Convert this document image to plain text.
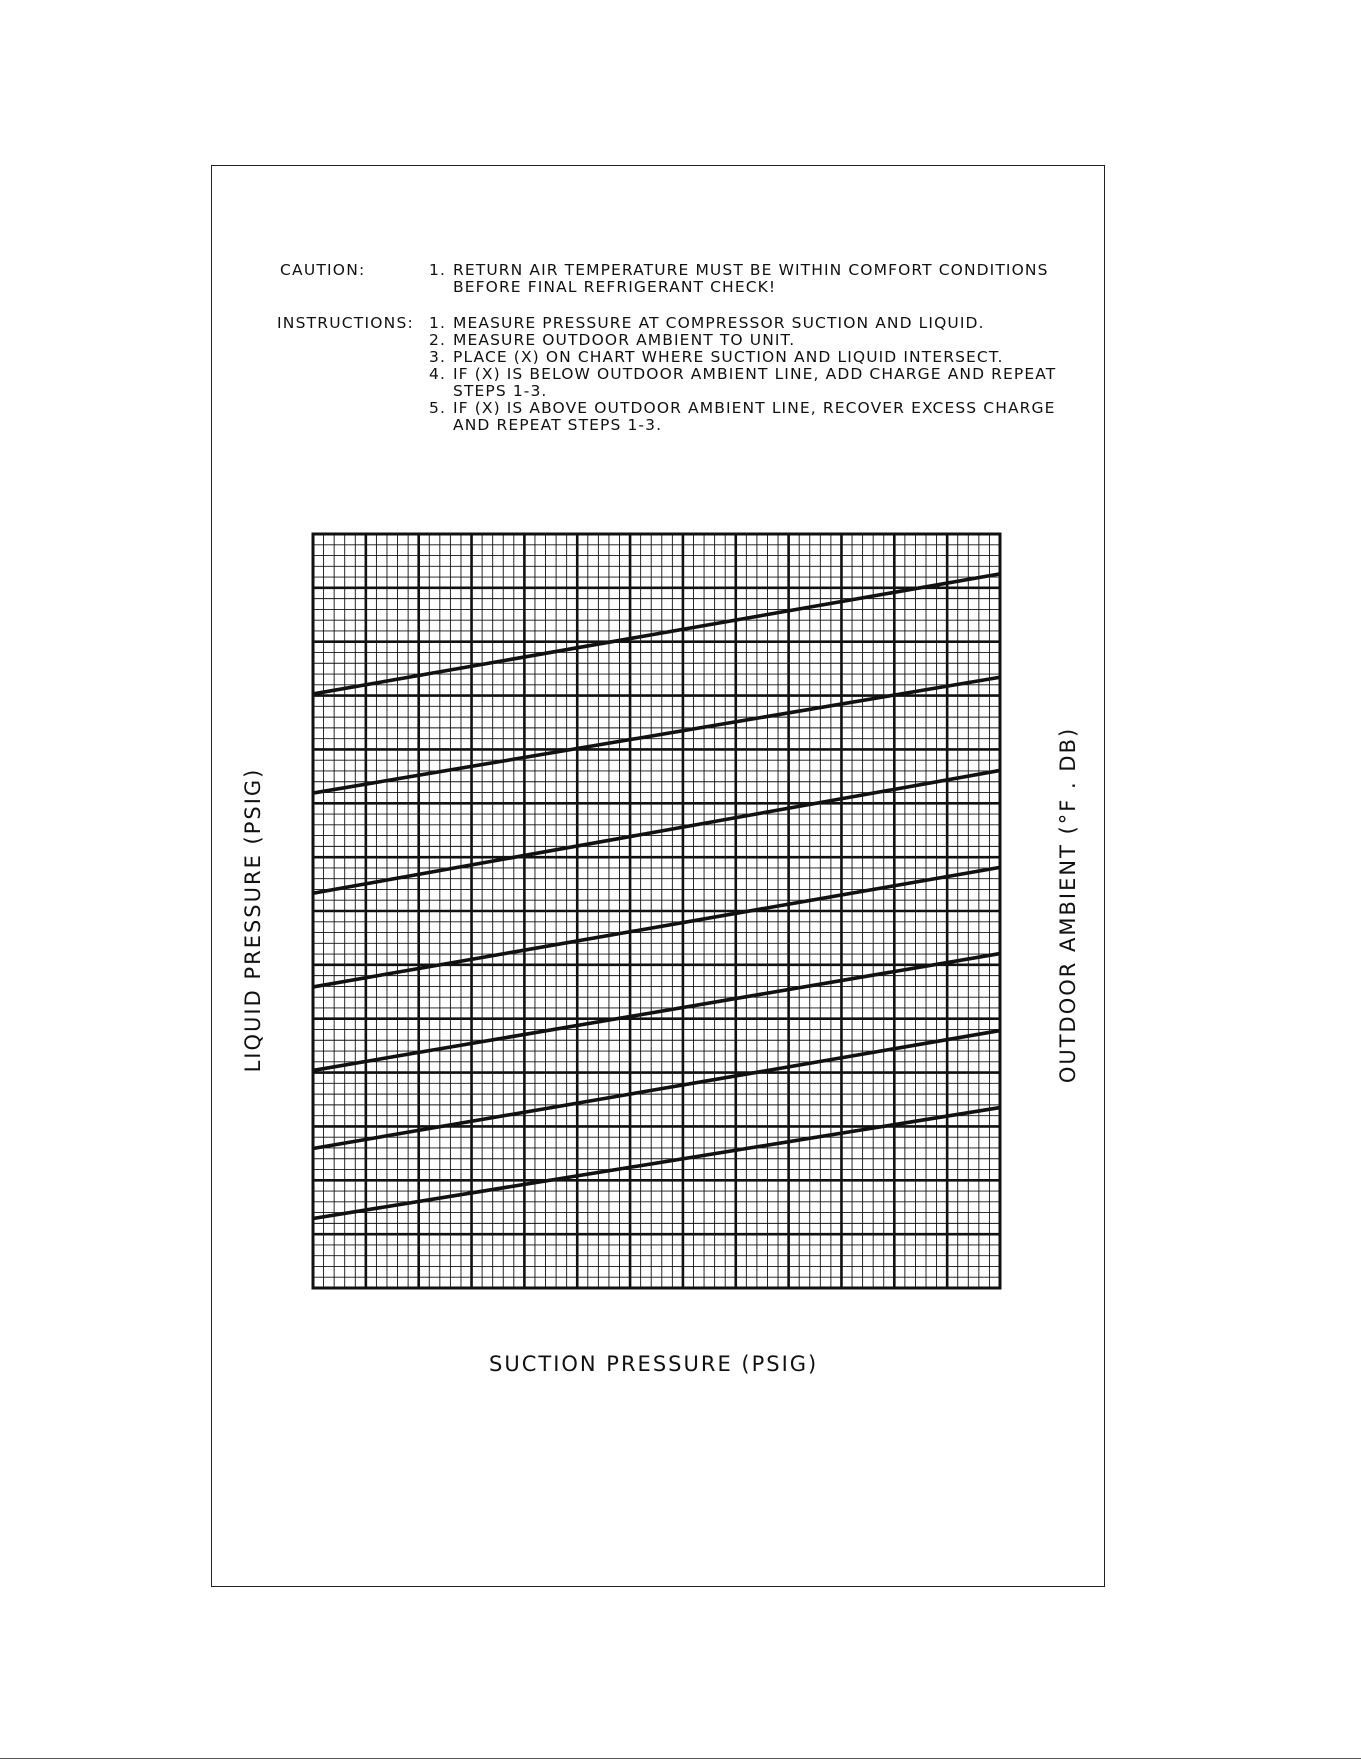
CAUTION:	1. RETURN AIR TEMPERATURE MUST BE WITHIN COMFORT CONDITIONS
BEFORE FINAL REFRIGERANT CHECK!
INSTRUCTIONS: 1. MEASURE PRESSURE AT COMPRESSOR SUCTION AND LIQUID.
2. MEASURE OUTDOOR AMBIENT TO UNIT.
3. PLACE (X) ON CHART WHERE SUCTION AND LIQUID INTERSECT.
4. IF (X) IS BELOW OUTDOOR AMBIENT LINE, ADD CHARGE AND REPEAT
STEPS 1-3.
5. IF (X) IS ABOVE OUTDOOR AMBIENT LINE, RECOVER EXCESS CHARGE
AND REPEAT STEPS 1-3.
SUCTION PRESSURE (PSIG)
LIQUID PRESSURE (PSIG)	OUTDOOR AMBIENT (°F . DB)
